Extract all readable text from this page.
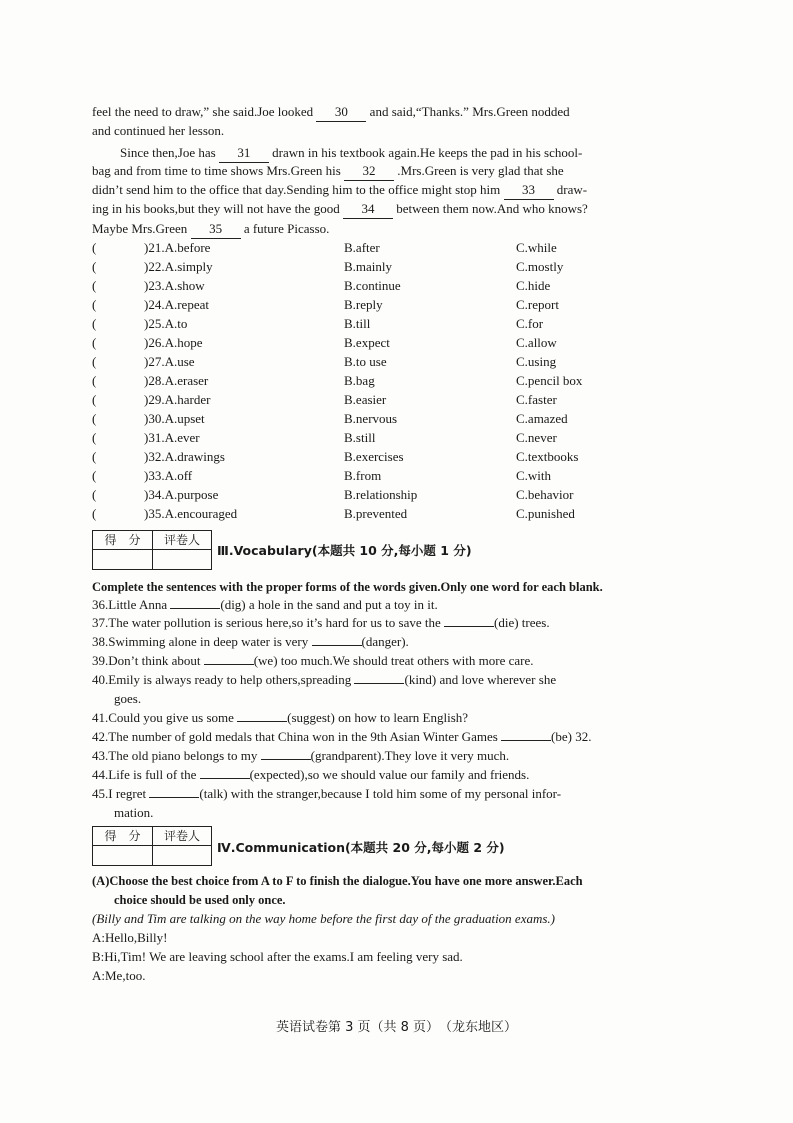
feel the need to draw,” she said.Joe looked 30 and said,“Thanks.” Mrs.Green nodded
and continued her lesson.
Since then,Joe has 31 drawn in his textbook again.He keeps the pad in his school-
bag and from time to time shows Mrs.Green his 32 .Mrs.Green is very glad that she
didn’t send him to the office that day.Sending him to the office might stop him 33 draw-
ing in his books,but they will not have the good 34 between them now.And who knows?
Maybe Mrs.Green 35 a future Picasso.
(	)21.A.before	B.after	C.while
(	)22.A.simply	B.mainly	C.mostly
(	)23.A.show	B.continue	C.hide
(	)24.A.repeat	B.reply	C.report
(	)25.A.to	B.till	C.for
(	)26.A.hope	B.expect	C.allow
(	)27.A.use	B.to use	C.using
(	)28.A.eraser	B.bag	C.pencil box
(	)29.A.harder	B.easier	C.faster
(	)30.A.upset	B.nervous	C.amazed
(	)31.A.ever	B.still	C.never
(	)32.A.drawings	B.exercises	C.textbooks
(	)33.A.off	B.from	C.with
(	)34.A.purpose	B.relationship	C.behavior
(	)35.A.encouraged	B.prevented	C.punished
得　分	评卷人
Ⅲ.Vocabulary(本题共 10 分,每小题 1 分)
Complete the sentences with the proper forms of the words given.Only one word for each blank.
36.Little Anna	(dig) a hole in the sand and put a toy in it.
37.The water pollution is serious here,so it’s hard for us to save the	(die) trees.
38.Swimming alone in deep water is very	(danger).
39.Don’t think about	(we) too much.We should treat others with more care.
40.Emily is always ready to help others,spreading	(kind) and love wherever she
goes.
41.Could you give us some	(suggest) on how to learn English?
42.The number of gold medals that China won in the 9th Asian Winter Games	(be) 32.
43.The old piano belongs to my	(grandparent).They love it very much.
44.Life is full of the	(expected),so we should value our family and friends.
45.I regret	(talk) with the stranger,because I told him some of my personal infor-
mation.
得　分	评卷人
Ⅳ.Communication(本题共 20 分,每小题 2 分)
(A)Choose the best choice from A to F to finish the dialogue.You have one more answer.Each
choice should be used only once.
(Billy and Tim are talking on the way home before the first day of the graduation exams.)
A:Hello,Billy!
B:Hi,Tim! We are leaving school after the exams.I am feeling very sad.
A:Me,too.
英语试卷第 3 页（共 8 页）　（龙东地区）
